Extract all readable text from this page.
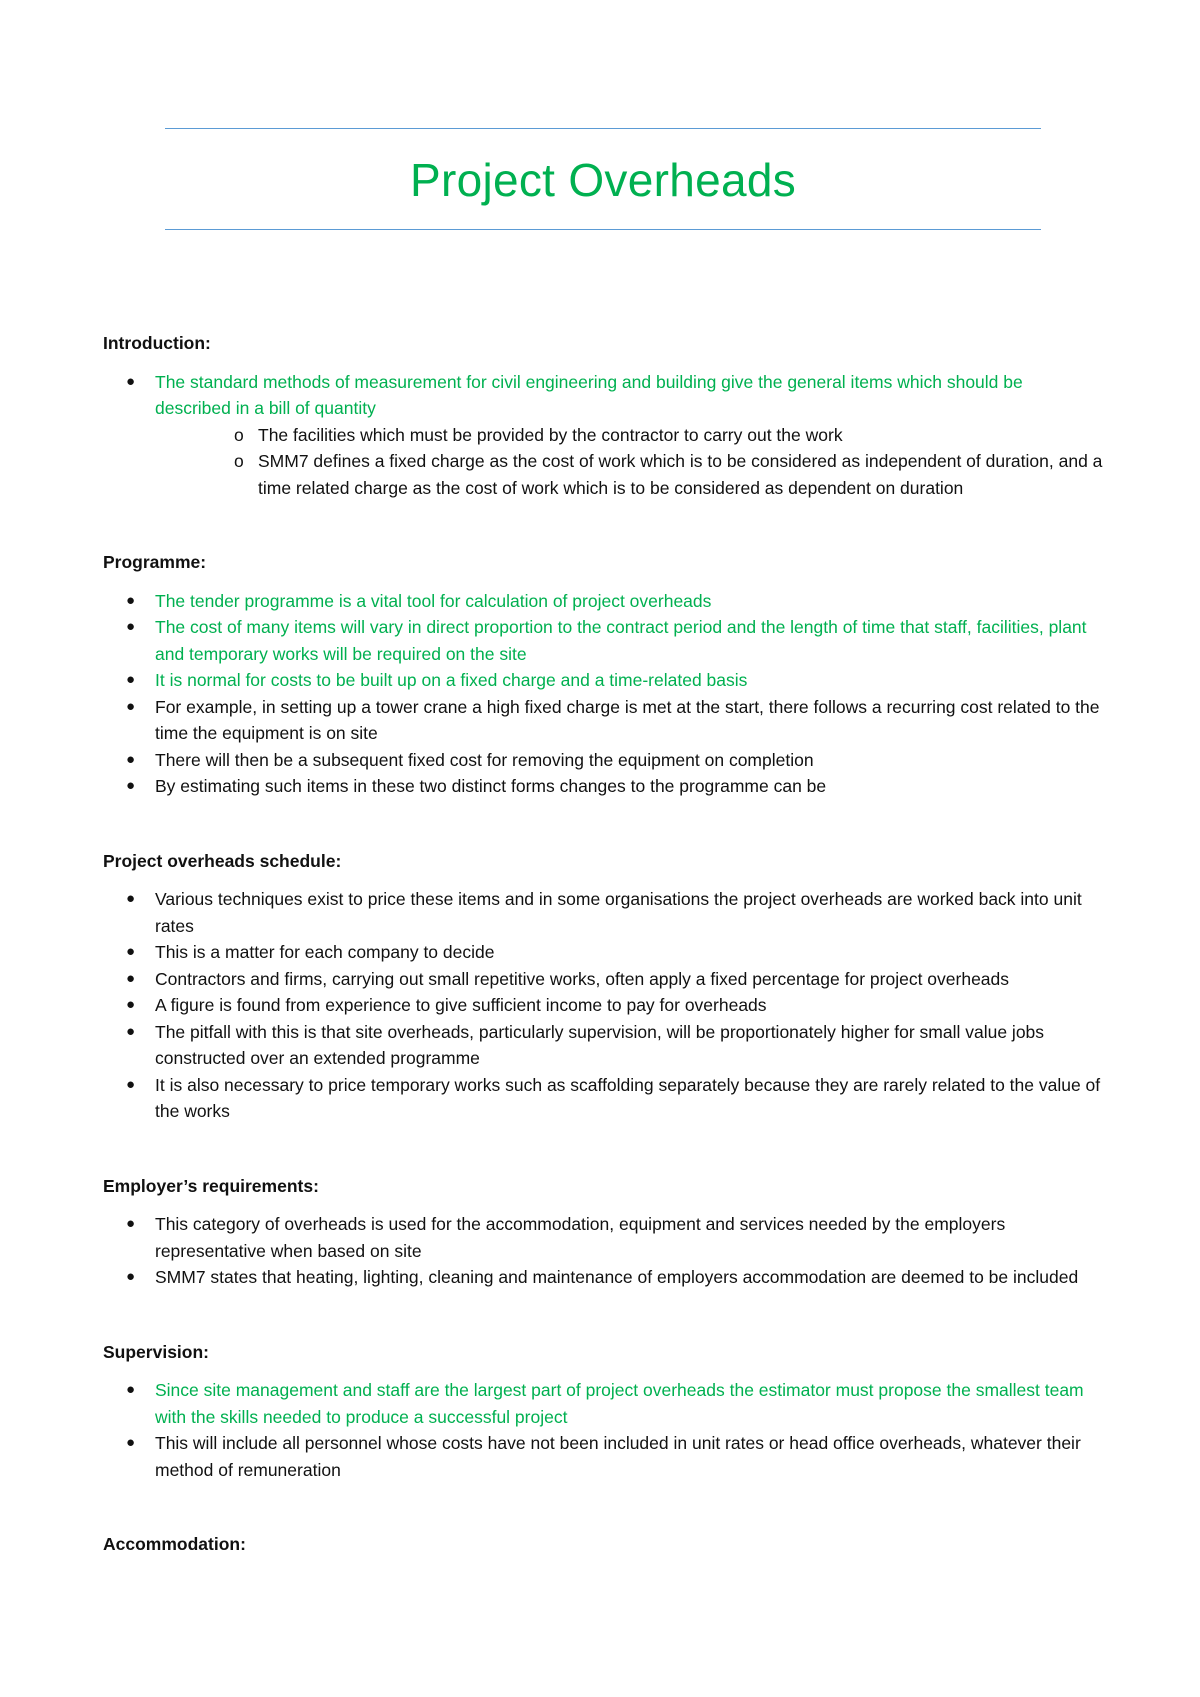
Project Overheads
Introduction:
● The standard methods of measurement for civil engineering and building give the general items which should be described in a bill of quantity
o The facilities which must be provided by the contractor to carry out the work
o SMM7 defines a fixed charge as the cost of work which is to be considered as independent of duration, and a time related charge as the cost of work which is to be considered as dependent on duration
Programme:
● The tender programme is a vital tool for calculation of project overheads
● The cost of many items will vary in direct proportion to the contract period and the length of time that staff, facilities, plant and temporary works will be required on the site
● It is normal for costs to be built up on a fixed charge and a time-related basis
● For example, in setting up a tower crane a high fixed charge is met at the start, there follows a recurring cost related to the time the equipment is on site
● There will then be a subsequent fixed cost for removing the equipment on completion
● By estimating such items in these two distinct forms changes to the programme can be
Project overheads schedule:
● Various techniques exist to price these items and in some organisations the project overheads are worked back into unit rates
● This is a matter for each company to decide
● Contractors and firms, carrying out small repetitive works, often apply a fixed percentage for project overheads
● A figure is found from experience to give sufficient income to pay for overheads
● The pitfall with this is that site overheads, particularly supervision, will be proportionately higher for small value jobs constructed over an extended programme
● It is also necessary to price temporary works such as scaffolding separately because they are rarely related to the value of the works
Employer’s requirements:
● This category of overheads is used for the accommodation, equipment and services needed by the employers representative when based on site
● SMM7 states that heating, lighting, cleaning and maintenance of employers accommodation are deemed to be included
Supervision:
● Since site management and staff are the largest part of project overheads the estimator must propose the smallest team with the skills needed to produce a successful project
● This will include all personnel whose costs have not been included in unit rates or head office overheads, whatever their method of remuneration
Accommodation:
